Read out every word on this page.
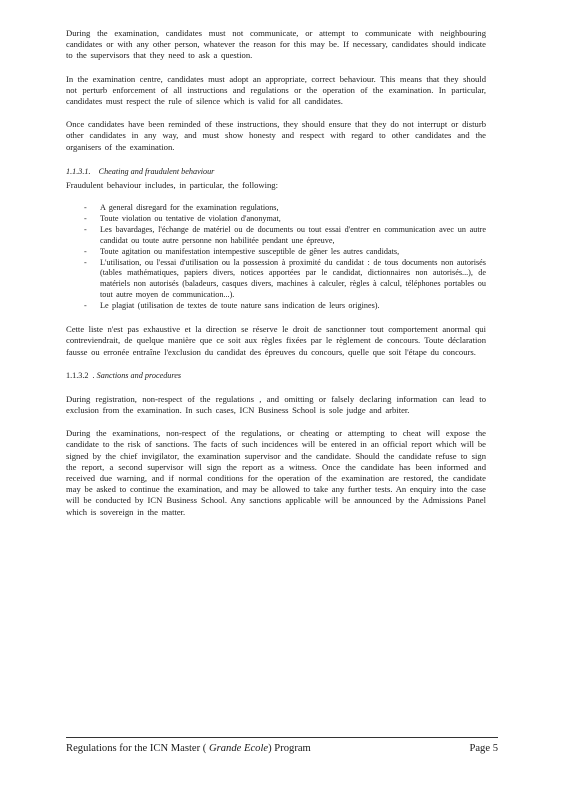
During the examination, candidates must not communicate, or attempt to communicate with neighbouring candidates or with any other person, whatever the reason for this may be. If necessary, candidates should indicate to the supervisors that they need to ask a question.

In the examination centre, candidates must adopt an appropriate, correct behaviour. This means that they should not perturb enforcement of all instructions and regulations or the operation of the examination. In particular, candidates must respect the rule of silence which is valid for all candidates.

Once candidates have been reminded of these instructions, they should ensure that they do not interrupt or disturb other candidates in any way, and must show honesty and respect with regard to other candidates and the organisers of the examination.

1.1.3.1. Cheating and fraudulent behaviour

Fraudulent behaviour includes, in particular, the following:

- A general disregard for the examination regulations,
- Toute violation ou tentative de violation d'anonymat,
- Les bavardages, l'échange de matériel ou de documents ou tout essai d'entrer en communication avec un autre candidat ou toute autre personne non habilitée pendant une épreuve,
- Toute agitation ou manifestation intempestive susceptible de gêner les autres candidats,
- L'utilisation, ou l'essai d'utilisation ou la possession à proximité du candidat : de tous documents non autorisés (tables mathématiques, papiers divers, notices apportées par le candidat, dictionnaires non autorisés...), de matériels non autorisés (baladeurs, casques divers, machines à calculer, règles à calcul, téléphones portables ou tout autre moyen de communication...).
- Le plagiat (utilisation de textes de toute nature sans indication de leurs origines).

Cette liste n'est pas exhaustive et la direction se réserve le droit de sanctionner tout comportement anormal qui contreviendrait, de quelque manière que ce soit aux règles fixées par le règlement de concours. Toute déclaration fausse ou erronée entraîne l'exclusion du candidat des épreuves du concours, quelle que soit l'étape du concours.

1.1.3.2 . Sanctions and procedures

During registration, non-respect of the regulations , and omitting or falsely declaring information can lead to exclusion from the examination. In such cases, ICN Business School is sole judge and arbiter.

During the examinations, non-respect of the regulations, or cheating or attempting to cheat will expose the candidate to the risk of sanctions. The facts of such incidences will be entered in an official report which will be signed by the chief invigilator, the examination supervisor and the candidate. Should the candidate refuse to sign the report, a second supervisor will sign the report as a witness. Once the candidate has been informed and received due warning, and if normal conditions for the operation of the examination are restored, the candidate may be asked to continue the examination, and may be allowed to take any further tests. An enquiry into the case will be conducted by ICN Business School. Any sanctions applicable will be announced by the Admissions Panel which is sovereign in the matter.

Regulations for the ICN Master ( Grande Ecole) Program	Page 5
